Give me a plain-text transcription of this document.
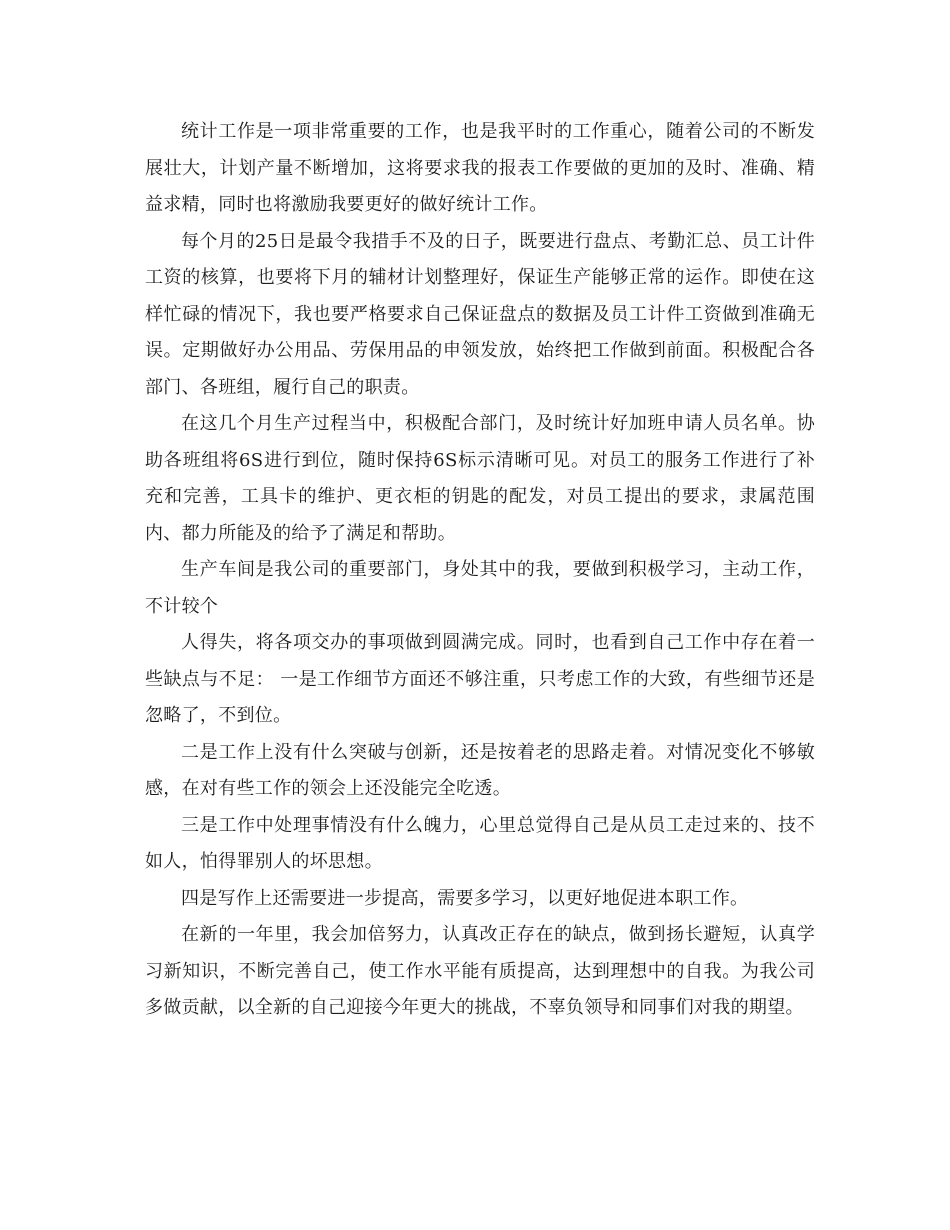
统计工作是一项非常重要的工作，也是我平时的工作重心，随着公司的不断发展壮大，计划产量不断增加，这将要求我的报表工作要做的更加的及时、准确、精益求精，同时也将激励我要更好的做好统计工作。

每个月的25日是最令我措手不及的日子，既要进行盘点、考勤汇总、员工计件工资的核算，也要将下月的辅材计划整理好，保证生产能够正常的运作。即使在这样忙碌的情况下，我也要严格要求自己保证盘点的数据及员工计件工资做到准确无误。定期做好办公用品、劳保用品的申领发放，始终把工作做到前面。积极配合各部门、各班组，履行自己的职责。

在这几个月生产过程当中，积极配合部门，及时统计好加班申请人员名单。协助各班组将6S进行到位，随时保持6S标示清晰可见。对员工的服务工作进行了补充和完善，工具卡的维护、更衣柜的钥匙的配发，对员工提出的要求，隶属范围内、都力所能及的给予了满足和帮助。

生产车间是我公司的重要部门，身处其中的我，要做到积极学习，主动工作，不计较个

人得失，将各项交办的事项做到圆满完成。同时，也看到自己工作中存在着一些缺点与不足： 一是工作细节方面还不够注重，只考虑工作的大致，有些细节还是忽略了，不到位。

二是工作上没有什么突破与创新，还是按着老的思路走着。对情况变化不够敏感，在对有些工作的领会上还没能完全吃透。

三是工作中处理事情没有什么魄力，心里总觉得自己是从员工走过来的、技不如人，怕得罪别人的坏思想。

四是写作上还需要进一步提高，需要多学习，以更好地促进本职工作。

在新的一年里，我会加倍努力，认真改正存在的缺点，做到扬长避短，认真学习新知识，不断完善自己，使工作水平能有质提高，达到理想中的自我。为我公司多做贡献，以全新的自己迎接今年更大的挑战，不辜负领导和同事们对我的期望。
